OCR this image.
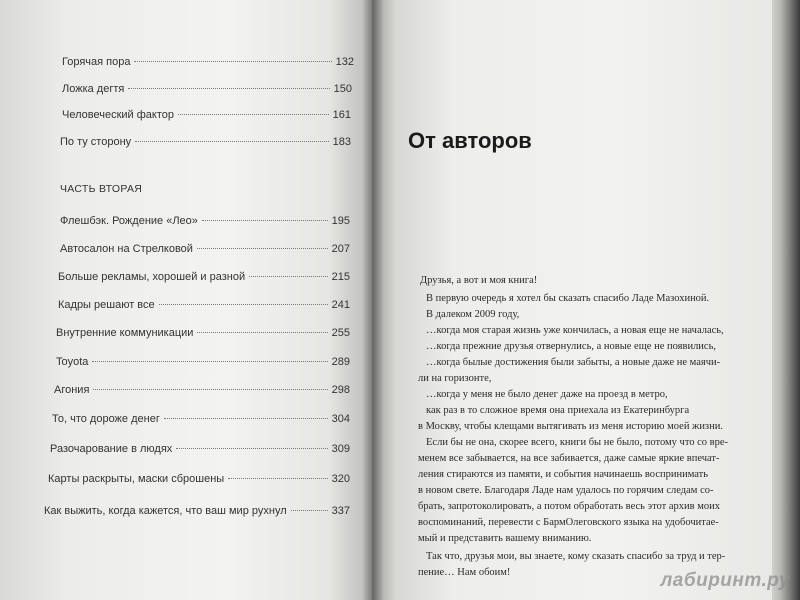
Горячая пора	132
Ложка дегтя	150
Человеческий фактор	161
По ту сторону	183
ЧАСТЬ ВТОРАЯ
Флешбэк. Рождение «Лео»	195
Автосалон на Стрелковой	207
Больше рекламы, хорошей и разной	215
Кадры решают все	241
Внутренние коммуникации	255
Toyota	289
Агония	298
То, что дороже денег	304
Разочарование в людях	309
Карты раскрыты, маски сброшены	320
Как выжить, когда кажется, что ваш мир рухнул	337
От авторов
Друзья, а вот и моя книга!
В первую очередь я хотел бы сказать спасибо Ладе Мазохиной.
В далеком 2009 году,
…когда моя старая жизнь уже кончилась, а новая еще не началась,
…когда прежние друзья отвернулись, а новые еще не появились,
…когда былые достижения были забыты, а новые даже не маячи-
ли на горизонте,
…когда у меня не было денег даже на проезд в метро,
как раз в то сложное время она приехала из Екатеринбурга
в Москву, чтобы клещами вытягивать из меня историю моей жизни.
Если бы не она, скорее всего, книги бы не было, потому что со вре-
менем все забывается, на все забивается, даже самые яркие впечат-
ления стираются из памяти, и события начинаешь воспринимать
в новом свете. Благодаря Ладе нам удалось по горячим следам со-
брать, запротоколировать, а потом обработать весь этот архив моих
воспоминаний, перевести с БармОлеговского языка на удобочитае-
мый и представить вашему вниманию.
Так что, друзья мои, вы знаете, кому сказать спасибо за труд и тер-
пение… Нам обоим!	лабиринт.ру
